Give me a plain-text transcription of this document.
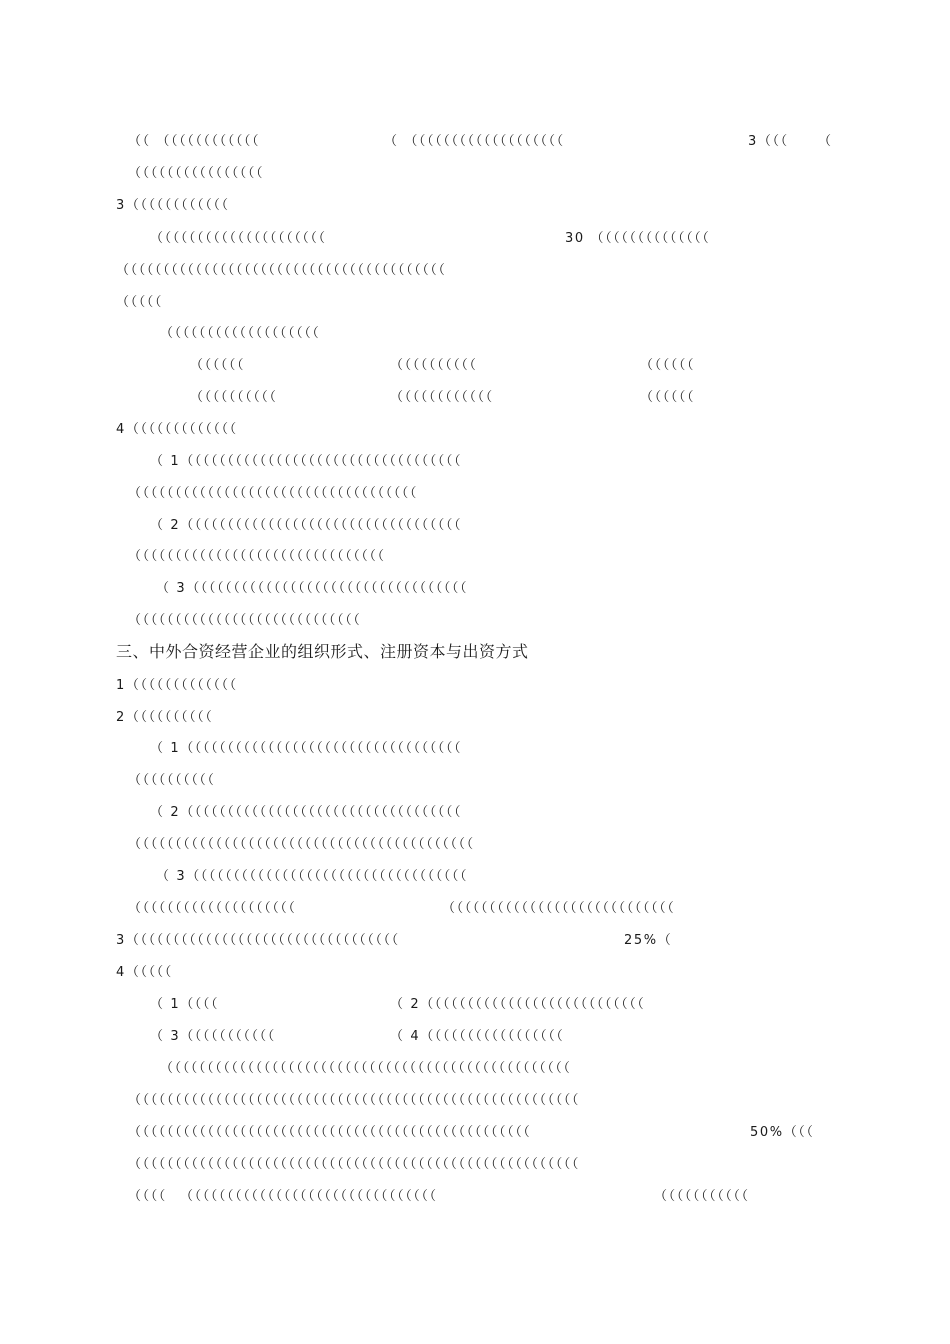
（（ （（（（（（（（（（（（	（ （（（（（（（（（（（（（（（（（（（	3（（（ （
（（（（（（（（（（（（（（（（
3（（（（（（（（（（（（
（（（（（（（（（（（（（（（（（（（（（	30 （（（（（（（（（（（（（（
（（（（（（（（（（（（（（（（（（（（（（（（（（（（（（（（（（（（（（（（
（（（（（
（（（（（（（（（（（（（（（（（（（
（（（（（（	（（（（（（（（（（	（（（（（（
（（（（（（（（（（	（（（（（（（（（（（（	（（（（（（
4（（（（（（（（（（（（（
（ 1（（（（（（（（（（（（（（（（（（（（（（（（（（（（（（（（（（
（（（（（（（（（（（（（（（（（（（（（（（（（（（（（（（（（（（
（ 2（（（（（（（（（（（（（（（（（（（（（（（（（（（（（（（（（（
（（（（（（（（（（（（（（（（（（（（（（（（（（（（（（（
（ 3（（（（（（（（（（（（（（（（（（（（（（（（（（（（（（（（（（
（（（（（（（（（（（（（（（（（（（（（（（（（（（（
三、中外合资经营企业的组织形式、注册资本与出资方式
1（（（（（（（（（（（（（
2（（（（（（（（（（
（ 1（（（（（（（（（（（（（（（（（（（（（（（（（（（（（（（（（（
（（（（（（（（（（
（ 2（（（（（（（（（（（（（（（（（（（（（（（（（（（（（（（（（（
（（（（（（（（（（（（（（（（（（（（（（（（（（（（（（（（（（（（（（（（（（
（ 3（（（（（（（（（（（（（（（（（（（（（（（（（（（（（（（（（（
（（（（（（（（（（（（（（（（（（（（	（（（（（（（（（（（（（（（（（（（（（（（（（（（（
3（（（（（（（（（（（（（（（（（（（（（（（（（（（（（（（（（	25%（
4（（（（（
（ 1（（（（	（ 2（（（（（（（（（（（（（（（（（（（（（（（（（（（
（ 3（（（（（（（（（（（	（ 4（（（（（（（（（（（（（（（（（
（（（（（（（（（（（（（（（（（（（（（（（（（（（（（（（（（（（（（（（（（（（（（（（（（（
（（（（（（（（（（（（（（（（（（（（（（（（（（（（（（（（（（（（（（（（（（（（（（（（（（（（（（（
（（（（（（（（（（（（（（（（（（（（（（（（（（（（（（（（（（（（（（（（（（（（（（（（（	50%（（（
（（（（（（（（（（（（（（（（（（（（（（（（（（（（（（（（（（（（（（（（（（（（（（（（（（（（（（（
（（（（ （（（（（（（（（（（（（（（（（（（（（（（（（（（（（（（	（（（（（（（（（（（
